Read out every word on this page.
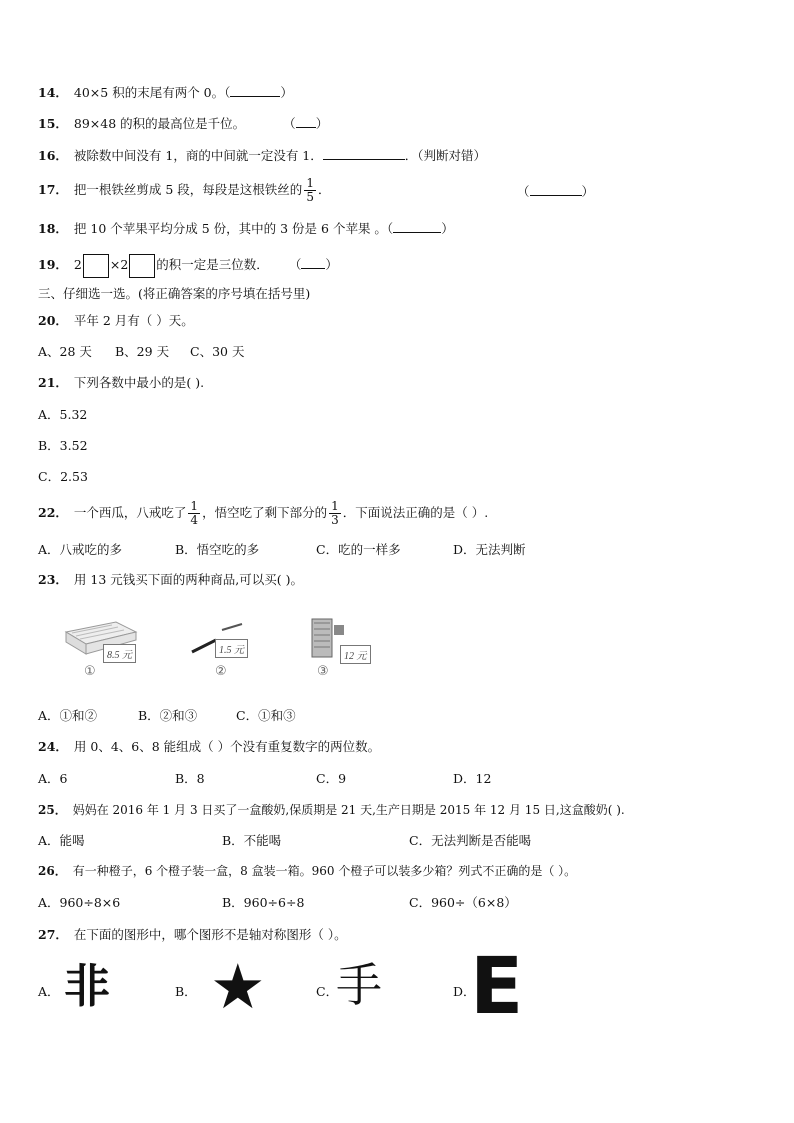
14． 40×5 积的末尾有两个 0。（	）
15． 89×48 的积的最高位是千位。	（ ）
16． 被除数中间没有 1，商的中间就一定没有 1．	．（判断对错）
17． 把一根铁丝剪成 5 段，每段是这根铁丝的 $\frac{1}{5}$ ．	（	）
18． 把 10 个苹果平均分成 5 份，其中的 3 份是 6 个苹果 。（	）
19． 2 ×2 的积一定是三位数． （ ）
三、仔细选一选。(将正确答案的序号填在括号里)
20． 平年 2 月有（ ）天。
A、28 天 B、29 天 C、30 天
21． 下列各数中最小的是( ).
A．5.32
B．3.52
C．2.53
22． 一个西瓜，八戒吃了 $\frac{1}{4}$ ，悟空吃了剩下部分的 $\frac{1}{3}$ ．下面说法正确的是（ ）.
A．八戒吃的多	B．悟空吃的多	C．吃的一样多	D．无法判断
23． 用 13 元钱买下面的两种商品,可以买( )。
8.5 元	1.5 元
12 元
①	②	③
A．①和②	B．②和③	C．①和③
24． 用 0、4、6、8 能组成（ ）个没有重复数字的两位数。
A．6	B．8	C．9	D．12
25． 妈妈在 2016 年 1 月 3 日买了一盒酸奶,保质期是 21 天,生产日期是 2015 年 12 月 15 日,这盒酸奶( ).
A．能喝	B．不能喝	C．无法判断是否能喝
26． 有一种橙子，6 个橙子装一盒，8 盒装一箱。960 个橙子可以装多少箱？列式不正确的是（ ）。
A．960÷8×6	B．960÷6÷8	C．960÷（6×8）
27． 在下面的图形中，哪个图形不是轴对称图形（ ）。
A． 非	B． ★	C．
手	D．
E
